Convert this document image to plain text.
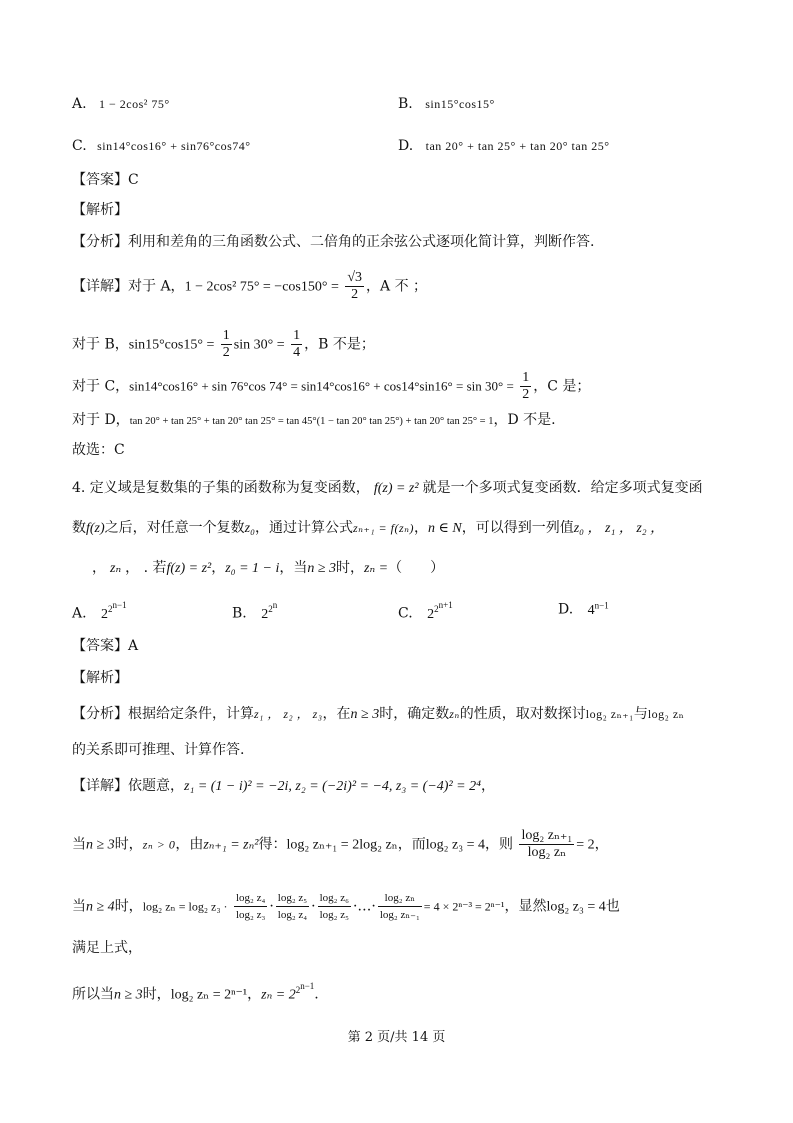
A. 1 − 2cos² 75°	B. sin15°cos15°
C. sin14°cos16° + sin76°cos74°	D. tan 20° + tan 25° + tan 20° tan 25°
【答案】C
【解析】
【分析】利用和差角的三角函数公式、二倍角的正余弦公式逐项化简计算，判断作答.
【详解】对于 A，1 − 2cos² $75^\circ = -\cos 150^\circ = \frac{√3}{2}$ ，A 不 ；
对于 B，$\sin 15^\circ\cos 15^\circ = \frac{1}{2}$ $\sin 30^\circ = \frac{1}{4}$ ，B 不是；
对于 C，sin14°cos16° + sin 76°cos $74^\circ = \sin 14^\circ\cos 16^\circ + \cos 14^\circ\sin 16^\circ = \sin 30^\circ = \frac{1}{2}$ ，C 是；
对于 D，tan 20° + tan 25° + tan 20° tan 25° = tan 45°(1 − tan 20° tan 25°) + tan 20° tan 25° = 1，D 不是.
故选：C
4. 定义域是复数集的子集的函数称为复变函数， f(z) = z² 就是一个多项式复变函数．给定多项式复变函
数f(z)之后，对任意一个复数z₀，通过计算公式zₙ₊₁ = f(zₙ)，n ∈ N，可以得到一列值z₀ ， z₁ ， z₂ ，
， zₙ ， . 若f(z) = z²，z₀ = 1 − i，当n ≥ 3时，zₙ =（　　）
A. $2^{2^{n-1}}$
B. $2^{2^n}$
C. $2^{2^{n+1}}$	D. $4^{n-1}$
【答案】A
【解析】
【分析】根据给定条件，计算z₁ ， z₂ ， z₃，在n ≥ 3时，确定数zₙ的性质，取对数探讨log₂ zₙ₊₁与log₂ zₙ
的关系即可推理、计算作答.
【详解】依题意，z₁ = (1 − i)² = −2i, z₂ = (−2i)² = −4, z₃ = (−4)² = 2⁴，
当n ≥ 3时，zₙ > 0，由zₙ₊₁ = zₙ²得：log₂ zₙ₊₁ = 2log₂ zₙ，而log₂ z₃ = 4，则 $\frac{\text{log₂ zₙ₊₁}}{\text{log₂ zₙ}} = 2$，
当n ≥ 4时，log₂ zₙ = log₂ $z_3 \cdot \frac{\text{log₂ z₄}}{\text{log₂ z₃}} \cdot \frac{\text{log₂ z₅}}{\text{log₂ z₄}} \cdot \frac{\text{log₂ z₆}}{\text{log₂ z₅}}$ ·…· $\frac{\text{log₂ zₙ}}{\text{log₂ zₙ₋₁}} = 4 \times 2^{n-3} = 2^{n-1}$，显然log₂ z₃ = 4也
满足上式，
所以当n ≥ 3时，log₂ zₙ = 2ⁿ⁻¹，$z_n = 2^{2^{n-1}}$.
第 2 页/共 14 页
